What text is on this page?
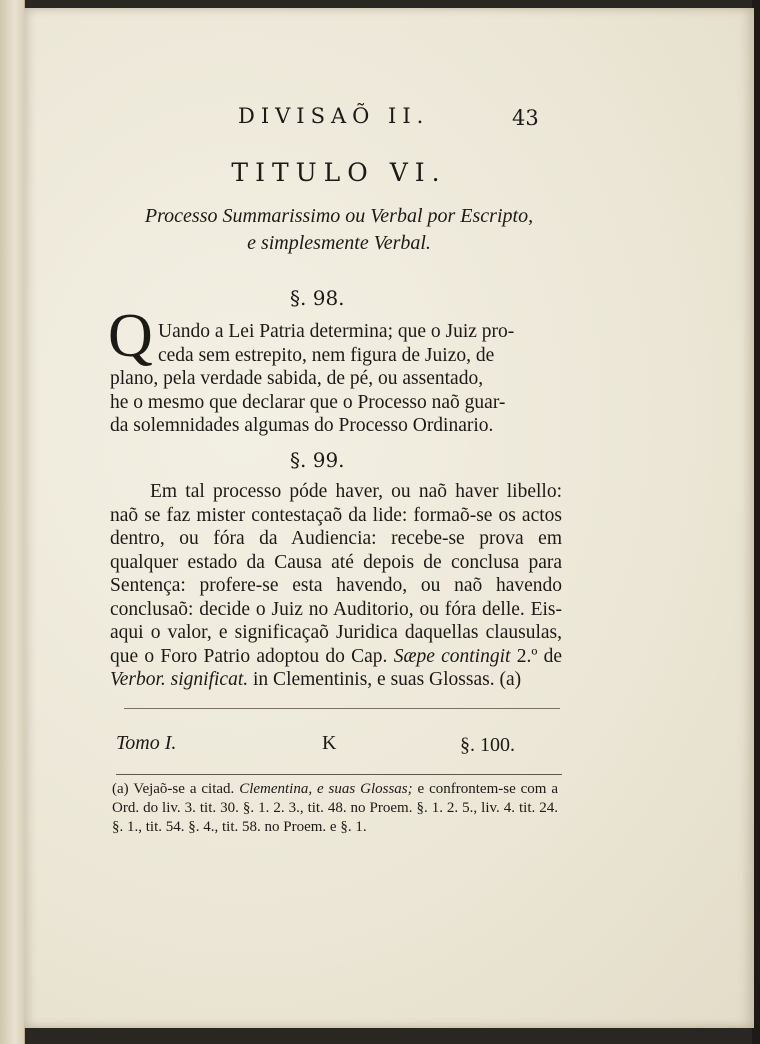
DIVISAÕ II.	43
TITULO VI.
Processo Summarissimo ou Verbal por Escripto,
e simplesmente Verbal.
§. 98.
Q Uando a Lei Patria determina; que o Juiz pro-
ceda sem estrepito, nem figura de Juizo, de
plano, pela verdade sabida, de pé, ou assentado,
he o mesmo que declarar que o Processo naõ guar-
da solemnidades algumas do Processo Ordinario.
§. 99.
Em tal processo póde haver, ou naõ haver libello: naõ se faz mister contestaçaõ da lide: formaõ-se os actos dentro, ou fóra da Audiencia: recebe-se prova em qualquer estado da Causa até depois de conclusa para Sentença: profere-se esta havendo, ou naõ havendo conclusaõ: decide o Juiz no Auditorio, ou fóra delle. Eis-aqui o valor, e significaçaõ Juridica daquellas clausulas, que o Foro Patrio adoptou do Cap. Sæpe contingit 2.º de Verbor. significat. in Clementinis, e suas Glossas. (a)
Tomo I.	K	§. 100.
(a) Vejaõ-se a citad. Clementina, e suas Glossas; e confrontem-se com a Ord. do liv. 3. tit. 30. §. 1. 2. 3., tit. 48. no Proem. §. 1. 2. 5., liv. 4. tit. 24. §. 1., tit. 54. §. 4., tit. 58. no Proem. e §. 1.
